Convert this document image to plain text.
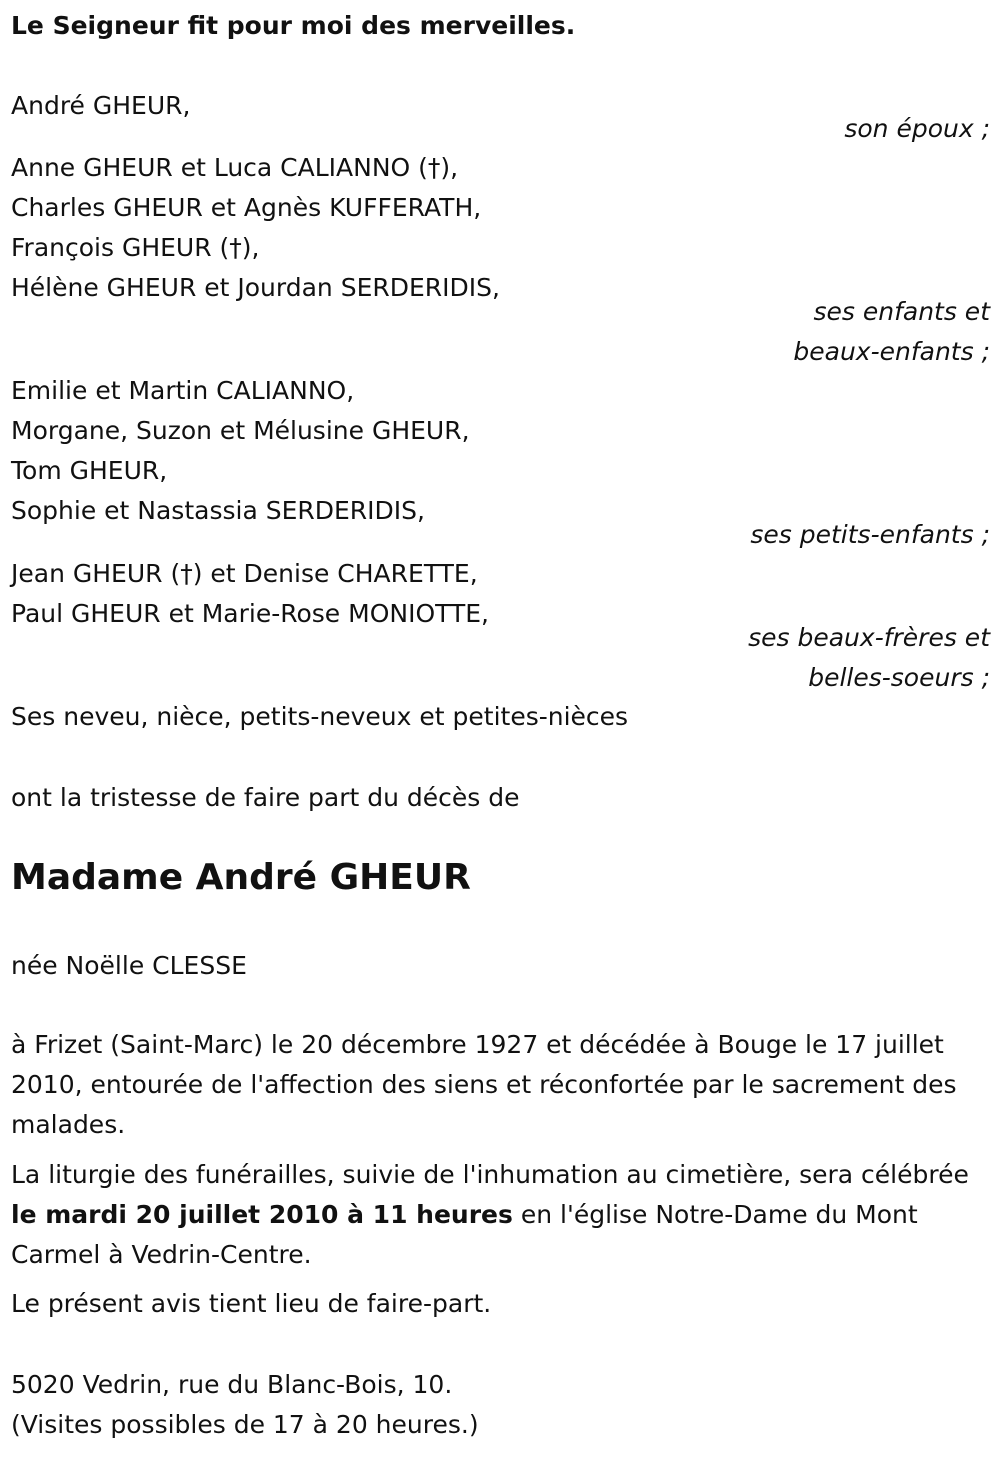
Le Seigneur fit pour moi des merveilles.
André GHEUR,
son époux ;
Anne GHEUR et Luca CALIANNO (†),
Charles GHEUR et Agnès KUFFERATH,
François GHEUR (†),
Hélène GHEUR et Jourdan SERDERIDIS,
ses enfants et
beaux-enfants ;
Emilie et Martin CALIANNO,
Morgane, Suzon et Mélusine GHEUR,
Tom GHEUR,
Sophie et Nastassia SERDERIDIS,
ses petits-enfants ;
Jean GHEUR (†) et Denise CHARETTE,
Paul GHEUR et Marie-Rose MONIOTTE,
ses beaux-frères et
belles-soeurs ;
Ses neveu, nièce, petits-neveux et petites-nièces
ont la tristesse de faire part du décès de
Madame André GHEUR
née Noëlle CLESSE
à Frizet (Saint-Marc) le 20 décembre 1927 et décédée à Bouge le 17 juillet 2010, entourée de l'affection des siens et réconfortée par le sacrement des malades.
La liturgie des funérailles, suivie de l'inhumation au cimetière, sera célébrée le mardi 20 juillet 2010 à 11 heures en l'église Notre-Dame du Mont Carmel à Vedrin-Centre.
Le présent avis tient lieu de faire-part.
5020 Vedrin, rue du Blanc-Bois, 10.
(Visites possibles de 17 à 20 heures.)
